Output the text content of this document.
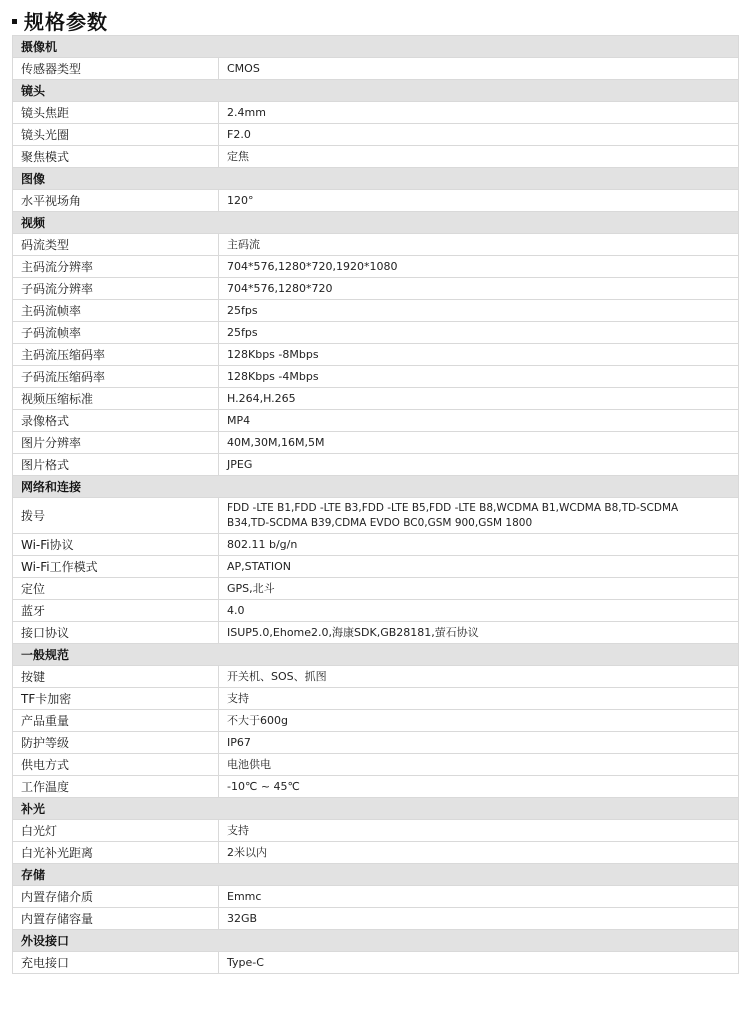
规格参数
摄像机	
传感器类型	CMOS
镜头	
镜头焦距	2.4mm
镜头光圈	F2.0
聚焦模式	定焦
图像	
水平视场角	120°
视频	
码流类型	主码流
主码流分辨率	704*576,1280*720,1920*1080
子码流分辨率	704*576,1280*720
主码流帧率	25fps
子码流帧率	25fps
主码流压缩码率	128Kbps -8Mbps
子码流压缩码率	128Kbps -4Mbps
视频压缩标准	H.264,H.265
录像格式	MP4
图片分辨率	40M,30M,16M,5M
图片格式	JPEG
网络和连接	
拨号	FDD -LTE B1,FDD -LTE B3,FDD -LTE B5,FDD -LTE B8,WCDMA B1,WCDMA B8,TD-SCDMA B34,TD-SCDMA B39,CDMA EVDO BC0,GSM 900,GSM 1800
Wi-Fi协议	802.11 b/g/n
Wi-Fi工作模式	AP,STATION
定位	GPS,北斗
蓝牙	4.0
接口协议	ISUP5.0,Ehome2.0,海康SDK,GB28181,萤石协议
一般规范	
按键	开关机、SOS、抓图
TF卡加密	支持
产品重量	不大于600g
防护等级	IP67
供电方式	电池供电
工作温度	-10℃ ~ 45℃
补光	
白光灯	支持
白光补光距离	2米以内
存储	
内置存储介质	Emmc
内置存储容量	32GB
外设接口	
充电接口	Type-C
